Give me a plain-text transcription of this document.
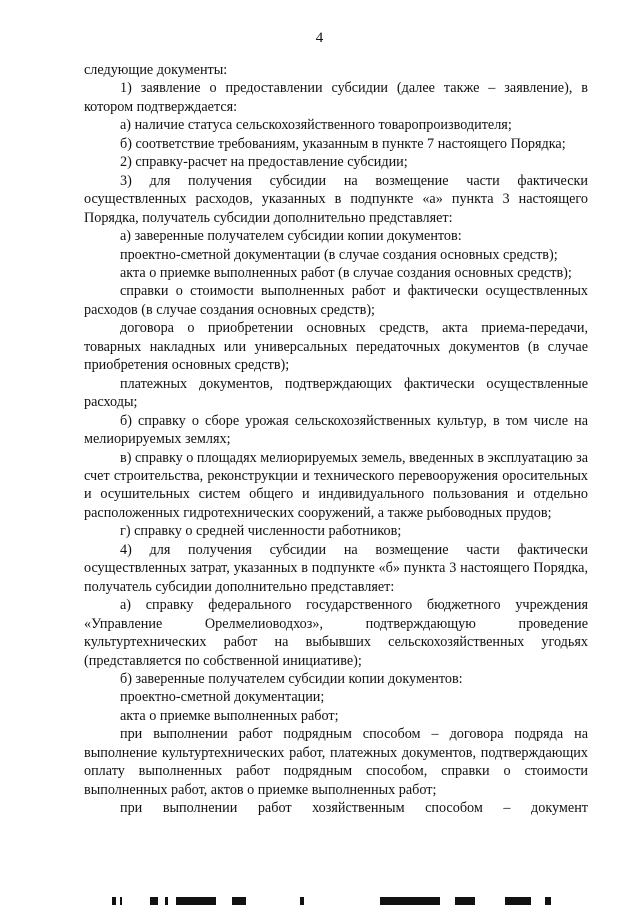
4

следующие документы:

1) заявление о предоставлении субсидии (далее также – заявление), в котором подтверждается:

а) наличие статуса сельскохозяйственного товаропроизводителя;

б) соответствие требованиям, указанным в пункте 7 настоящего Порядка;

2) справку-расчет на предоставление субсидии;

3) для получения субсидии на возмещение части фактически осуществленных расходов, указанных в подпункте «а» пункта 3 настоящего Порядка, получатель субсидии дополнительно представляет:

а) заверенные получателем субсидии копии документов:

проектно-сметной документации (в случае создания основных средств);

акта о приемке выполненных работ (в случае создания основных средств);

справки о стоимости выполненных работ и фактически осуществленных расходов (в случае создания основных средств);

договора о приобретении основных средств, акта приема-передачи, товарных накладных или универсальных передаточных документов (в случае приобретения основных средств);

платежных документов, подтверждающих фактически осуществленные расходы;

б) справку о сборе урожая сельскохозяйственных культур, в том числе на мелиорируемых землях;

в) справку о площадях мелиорируемых земель, введенных в эксплуатацию за счет строительства, реконструкции и технического перевооружения оросительных и осушительных систем общего и индивидуального пользования и отдельно расположенных гидротехнических сооружений, а также рыбоводных прудов;

г) справку о средней численности работников;

4) для получения субсидии на возмещение части фактически осуществленных затрат, указанных в подпункте «б» пункта 3 настоящего Порядка, получатель субсидии дополнительно представляет:

а) справку федерального государственного бюджетного учреждения «Управление Орелмелиоводхоз», подтверждающую проведение культуртехнических работ на выбывших сельскохозяйственных угодьях (представляется по собственной инициативе);

б) заверенные получателем субсидии копии документов:

проектно-сметной документации;

акта о приемке выполненных работ;

при выполнении работ подрядным способом – договора подряда на выполнение культуртехнических работ, платежных документов, подтверждающих оплату выполненных работ подрядным способом, справки о стоимости выполненных работ, актов о приемке выполненных работ;

при выполнении работ хозяйственным способом – документ
